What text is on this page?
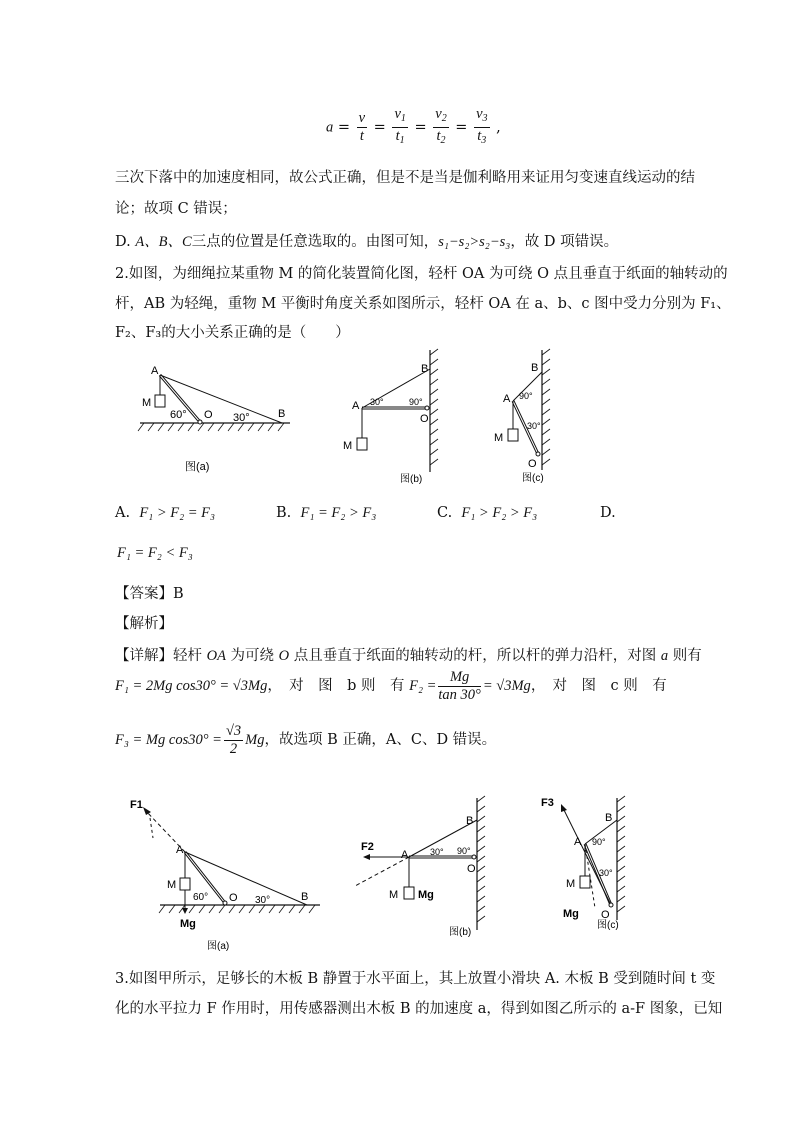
$a = \frac{v}{t} = \frac{v_1}{t_1} = \frac{v_2}{t_2} = \frac{v_3}{t_3}$ ,
三次下落中的加速度相同，故公式正确，但是不是当是伽利略用来证用匀变速直线运动的结
论；故项 C 错误；
D. A、B、C三点的位置是任意选取的。由图可知，s₁−s₂>s₂−s₃，故 D 项错误。
2.如图，为细绳拉某重物 M 的简化装置简化图，轻杆 OA 为可绕 O 点且垂直于纸面的轴转动的
杆，AB 为轻绳，重物 M 平衡时角度关系如图所示，轻杆 OA 在 a、b、c 图中受力分别为 F₁、
F₂、F₃的大小关系正确的是（　　）
A
M
60° O 30°	B
图(a)
B
A 30°	90°
O
M
图(b)
B
A 90°
30°
M
O
图(c)
A. F₁ > F₂ = F₃	B. F₁ = F₂ > F₃	C. F₁ > F₂ > F₃	D.
F₁ = F₂ < F₃
【答案】B
【解析】
【详解】轻杆 OA 为可绕 O 点且垂直于纸面的轴转动的杆，所以杆的弹力沿杆，对图 a 则有
F₁ = 2Mg cos30° = √3Mg，　对　图　b 则　有 $F_2 = \frac{Mg}{\tan 30^\circ} = √3Mg$，　对　图　c 则　有
F₃ = Mg $\cos 30^\circ = \frac{√3}{2}$ Mg，故选项 B 正确，A、C、D 错误。
F1
A
M
60° O 30°	B
Mg
图(a)
F2
A 30° 90°
B
O
M Mg
图(b)
F3
B
A 90°
30°
M
Mg O
图(c)
3.如图甲所示，足够长的木板 B 静置于水平面上，其上放置小滑块 A. 木板 B 受到随时间 t 变
化的水平拉力 F 作用时，用传感器测出木板 B 的加速度 a，得到如图乙所示的 a-F 图象，已知
